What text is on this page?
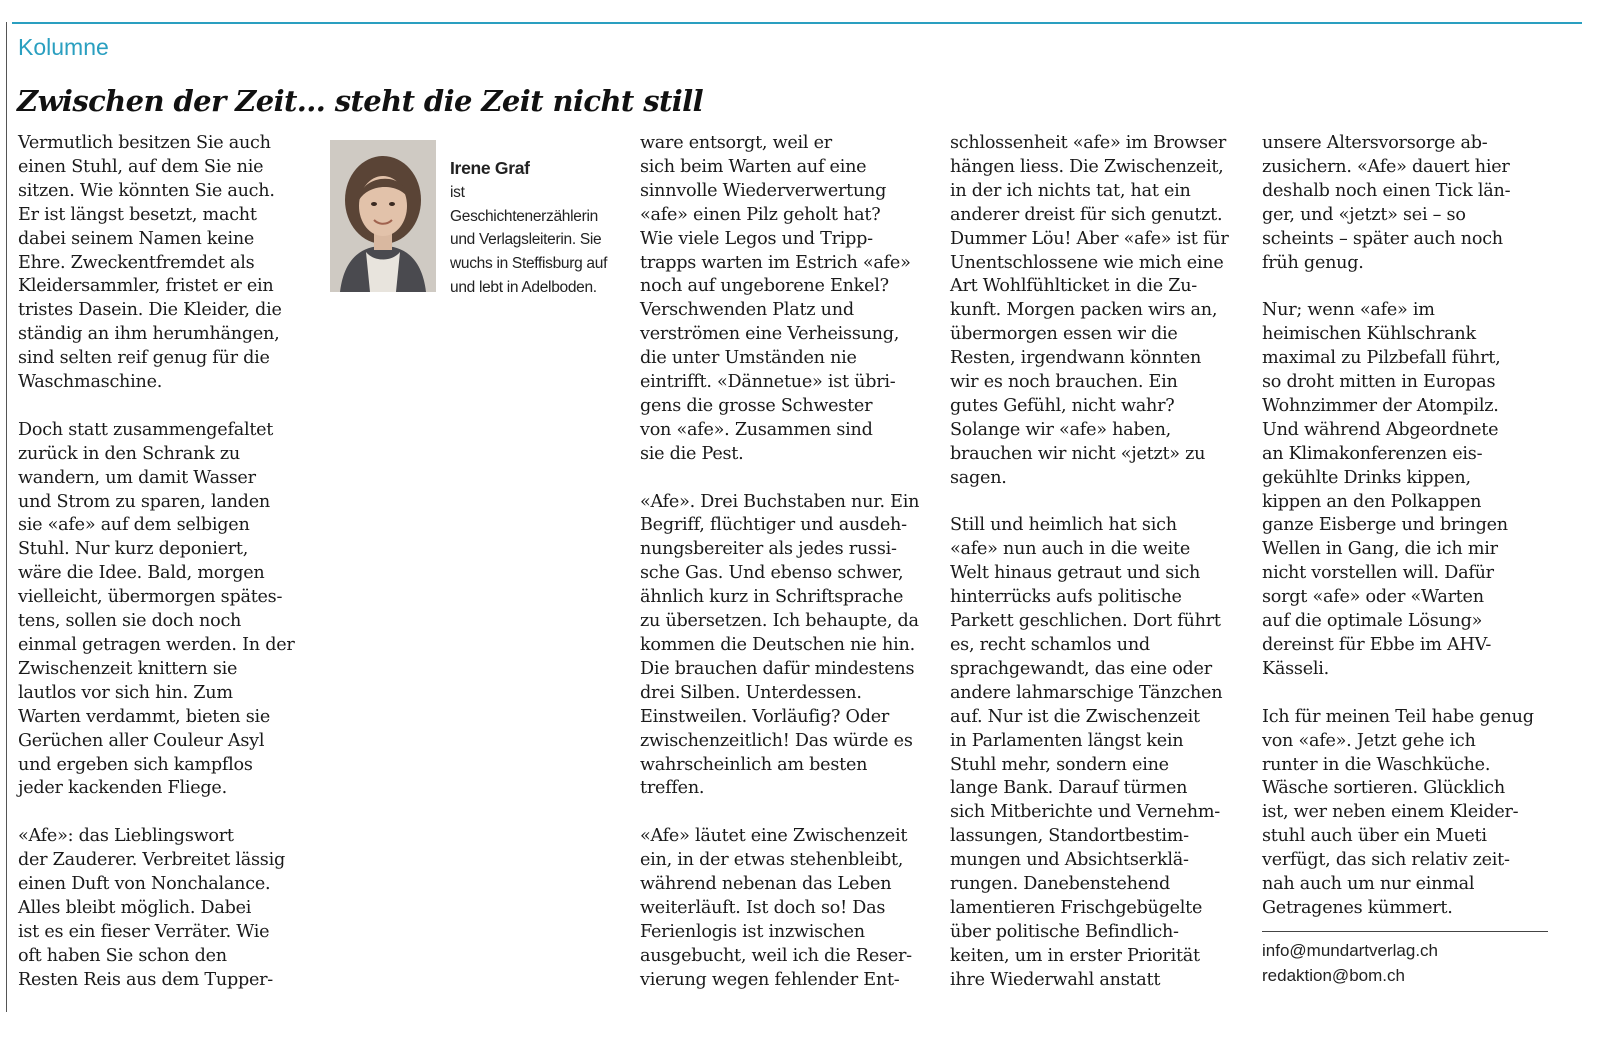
Kolumne
Zwischen der Zeit... steht die Zeit nicht still

Vermutlich besitzen Sie auch

einen Stuhl, auf dem Sie nie

sitzen. Wie könnten Sie auch.

Er ist längst besetzt, macht

dabei seinem Namen keine

Ehre. Zweckentfremdet als

Kleidersammler, fristet er ein

tristes Dasein. Die Kleider, die

ständig an ihm herumhängen,

sind selten reif genug für die

Waschmaschine.

Doch statt zusammengefaltet

zurück in den Schrank zu

wandern, um damit Wasser

und Strom zu sparen, landen

sie «afe» auf dem selbigen

Stuhl. Nur kurz deponiert,

wäre die Idee. Bald, morgen

vielleicht, übermorgen spätes-

tens, sollen sie doch noch

einmal getragen werden. In der

Zwischenzeit knittern sie

lautlos vor sich hin. Zum

Warten verdammt, bieten sie

Gerüchen aller Couleur Asyl

und ergeben sich kampflos

jeder kackenden Fliege.

«Afe»: das Lieblingswort

der Zauderer. Verbreitet lässig

einen Duft von Nonchalance.

Alles bleibt möglich. Dabei

ist es ein fieser Verräter. Wie

oft haben Sie schon den

Resten Reis aus dem Tupper-

Irene Graf
ist
Geschichtenerzählerin
und Verlagsleiterin. Sie
wuchs in Steffisburg auf
und lebt in Adelboden.

ware entsorgt, weil er

sich beim Warten auf eine

sinnvolle Wiederverwertung

«afe» einen Pilz geholt hat?

Wie viele Legos und Tripp-

trapps warten im Estrich «afe»

noch auf ungeborene Enkel?

Verschwenden Platz und

verströmen eine Verheissung,

die unter Umständen nie

eintrifft. «Dännetue» ist übri-

gens die grosse Schwester

von «afe». Zusammen sind

sie die Pest.

«Afe». Drei Buchstaben nur. Ein

Begriff, flüchtiger und ausdeh-

nungsbereiter als jedes russi-

sche Gas. Und ebenso schwer,

ähnlich kurz in Schriftsprache

zu übersetzen. Ich behaupte, da

kommen die Deutschen nie hin.

Die brauchen dafür mindestens

drei Silben. Unterdessen.

Einstweilen. Vorläufig? Oder

zwischenzeitlich! Das würde es

wahrscheinlich am besten

treffen.

«Afe» läutet eine Zwischenzeit

ein, in der etwas stehenbleibt,

während nebenan das Leben

weiterläuft. Ist doch so! Das

Ferienlogis ist inzwischen

ausgebucht, weil ich die Reser-

vierung wegen fehlender Ent-

schlossenheit «afe» im Browser

hängen liess. Die Zwischenzeit,

in der ich nichts tat, hat ein

anderer dreist für sich genutzt.

Dummer Löu! Aber «afe» ist für

Unentschlossene wie mich eine

Art Wohlfühlticket in die Zu-

kunft. Morgen packen wirs an,

übermorgen essen wir die

Resten, irgendwann könnten

wir es noch brauchen. Ein

gutes Gefühl, nicht wahr?

Solange wir «afe» haben,

brauchen wir nicht «jetzt» zu

sagen.

Still und heimlich hat sich

«afe» nun auch in die weite

Welt hinaus getraut und sich

hinterrücks aufs politische

Parkett geschlichen. Dort führt

es, recht schamlos und

sprachgewandt, das eine oder

andere lahmarschige Tänzchen

auf. Nur ist die Zwischenzeit

in Parlamenten längst kein

Stuhl mehr, sondern eine

lange Bank. Darauf türmen

sich Mitberichte und Vernehm-

lassungen, Standortbestim-

mungen und Absichtserklä-

rungen. Danebenstehend

lamentieren Frischgebügelte

über politische Befindlich-

keiten, um in erster Priorität

ihre Wiederwahl anstatt

unsere Altersvorsorge ab-

zusichern. «Afe» dauert hier

deshalb noch einen Tick län-

ger, und «jetzt» sei – so

scheints – später auch noch

früh genug.

Nur; wenn «afe» im

heimischen Kühlschrank

maximal zu Pilzbefall führt,

so droht mitten in Europas

Wohnzimmer der Atompilz.

Und während Abgeordnete

an Klimakonferenzen eis-

gekühlte Drinks kippen,

kippen an den Polkappen

ganze Eisberge und bringen

Wellen in Gang, die ich mir

nicht vorstellen will. Dafür

sorgt «afe» oder «Warten

auf die optimale Lösung»

dereinst für Ebbe im AHV-

Kässeli.

Ich für meinen Teil habe genug

von «afe». Jetzt gehe ich

runter in die Waschküche.

Wäsche sortieren. Glücklich

ist, wer neben einem Kleider-

stuhl auch über ein Mueti

verfügt, das sich relativ zeit-

nah auch um nur einmal

Getragenes kümmert.

info@mundartverlag.ch
redaktion@bom.ch
